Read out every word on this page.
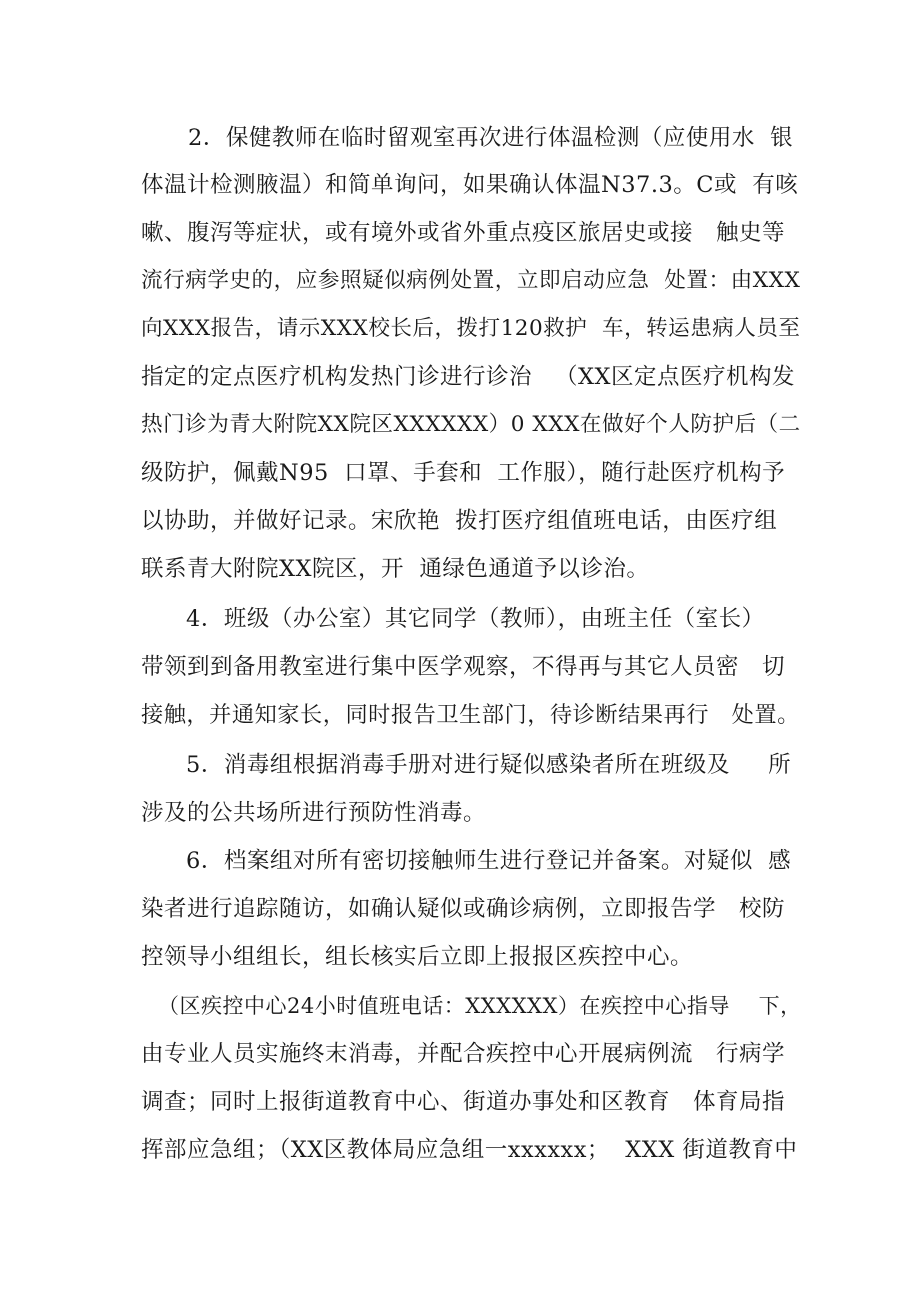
2．保健教师在临时留观室再次进行体温检测（应使用水  银
体温计检测腋温）和简单询问，如果确认体温N37.3。C或  有咳
嗽、腹泻等症状，或有境外或省外重点疫区旅居史或接   触史等
流行病学史的，应参照疑似病例处置，立即启动应急  处置：由XXX
向XXX报告，请示XXX校长后，拨打120救护  车，转运患病人员至
指定的定点医疗机构发热门诊进行诊治   （XX区定点医疗机构发
热门诊为青大附院XX院区XXXXXX）0 XXX在做好个人防护后（二
级防护，佩戴N95  口罩、手套和  工作服），随行赴医疗机构予
以协助，并做好记录。宋欣艳  拨打医疗组值班电话，由医疗组
联系青大附院XX院区，开  通绿色通道予以诊治。
4．班级（办公室）其它同学（教师），由班主任（室长）
带领到到备用教室进行集中医学观察，不得再与其它人员密   切
接触，并通知家长，同时报告卫生部门，待诊断结果再行   处置。
5．消毒组根据消毒手册对进行疑似感染者所在班级及     所
涉及的公共场所进行预防性消毒。
6．档案组对所有密切接触师生进行登记并备案。对疑似  感
染者进行追踪随访，如确认疑似或确诊病例，立即报告学   校防
控领导小组组长，组长核实后立即上报报区疾控中心。
（区疾控中心24小时值班电话：XXXXXX）在疾控中心指导    下，
由专业人员实施终末消毒，并配合疾控中心开展病例流   行病学
调查；同时上报街道教育中心、街道办事处和区教育   体育局指
挥部应急组；（XX区教体局应急组一xxxxxx；  XXX 街道教育中
